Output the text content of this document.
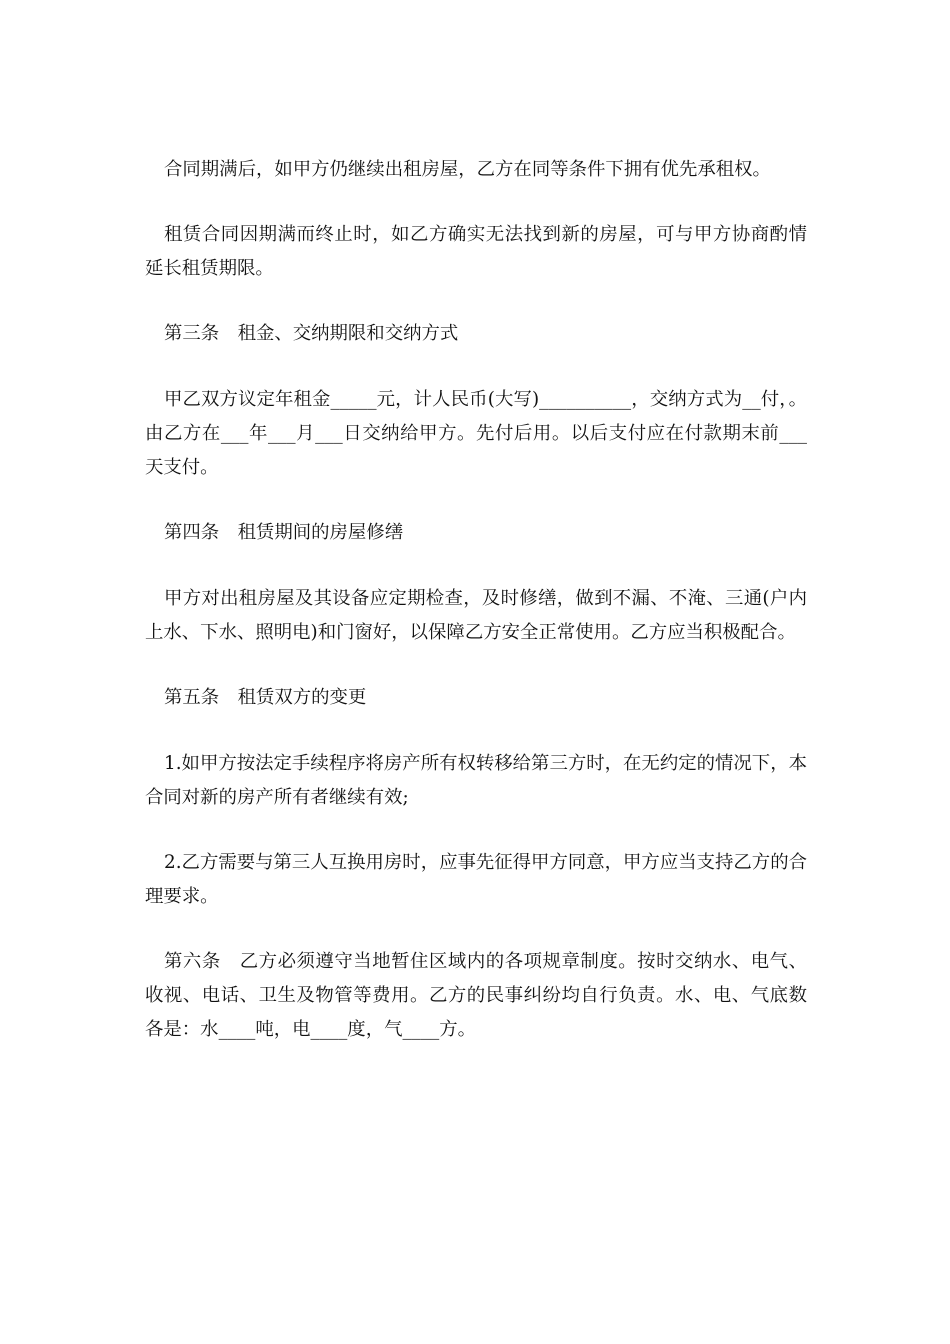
合同期满后，如甲方仍继续出租房屋，乙方在同等条件下拥有优先承租权。

租赁合同因期满而终止时，如乙方确实无法找到新的房屋，可与甲方协商酌情延长租赁期限。

第三条　租金、交纳期限和交纳方式

甲乙双方议定年租金_____元，计人民币(大写)__________，交纳方式为__付，。由乙方在___年___月___日交纳给甲方。先付后用。以后支付应在付款期末前___天支付。

第四条　租赁期间的房屋修缮

甲方对出租房屋及其设备应定期检查，及时修缮，做到不漏、不淹、三通(户内上水、下水、照明电)和门窗好，以保障乙方安全正常使用。乙方应当积极配合。

第五条　租赁双方的变更

1.如甲方按法定手续程序将房产所有权转移给第三方时，在无约定的情况下，本合同对新的房产所有者继续有效;

2.乙方需要与第三人互换用房时，应事先征得甲方同意，甲方应当支持乙方的合理要求。

第六条　乙方必须遵守当地暂住区域内的各项规章制度。按时交纳水、电气、收视、电话、卫生及物管等费用。乙方的民事纠纷均自行负责。水、电、气底数各是：水____吨，电____度，气____方。
